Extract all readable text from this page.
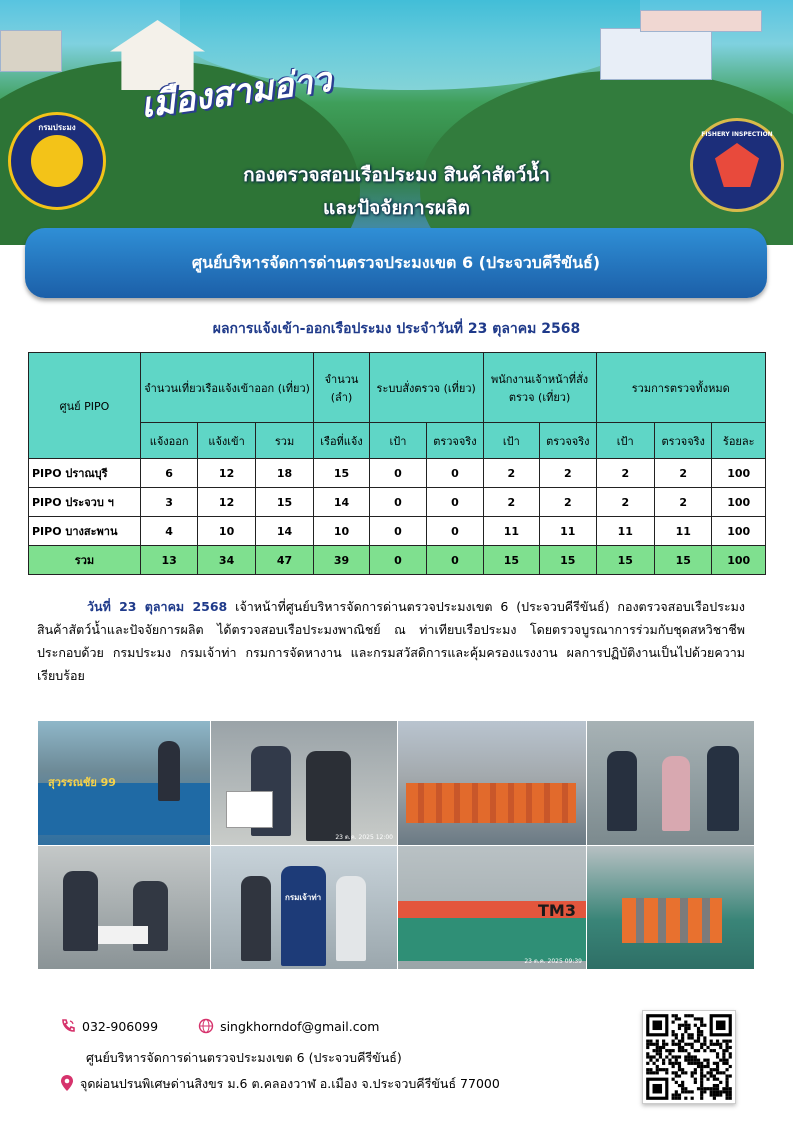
เมืองสามอ่าว
กรมประมง
FISHERY INSPECTION
กองตรวจสอบเรือประมง สินค้าสัตว์น้ำ
และปัจจัยการผลิต
ศูนย์บริหารจัดการด่านตรวจประมงเขต 6 (ประจวบคีรีขันธ์)
ผลการแจ้งเข้า-ออกเรือประมง ประจำวันที่ 23 ตุลาคม 2568
ศูนย์ PIPO	จำนวนเที่ยวเรือแจ้งเข้าออก (เที่ยว)			จำนวน (ลำ)	ระบบสั่งตรวจ (เที่ยว)		พนักงานเจ้าหน้าที่สั่งตรวจ (เที่ยว)		รวมการตรวจทั้งหมด		
	แจ้งออก	แจ้งเข้า	รวม	เรือที่แจ้ง	เป้า	ตรวจจริง	เป้า	ตรวจจริง	เป้า	ตรวจจริง	ร้อยละ
PIPO ปราณบุรี	6	12	18	15	0	0	2	2	2	2	100
PIPO ประจวบ ฯ	3	12	15	14	0	0	2	2	2	2	100
PIPO บางสะพาน	4	10	14	10	0	0	11	11	11	11	100
รวม	13	34	47	39	0	0	15	15	15	15	100
วันที่ 23 ตุลาคม 2568 เจ้าหน้าที่ศูนย์บริหารจัดการด่านตรวจประมงเขต 6 (ประจวบคีรีขันธ์) กองตรวจสอบเรือประมง สินค้าสัตว์น้ำและปัจจัยการผลิต ได้ตรวจสอบเรือประมงพาณิชย์ ณ ท่าเทียบเรือประมง โดยตรวจบูรณาการร่วมกับชุดสหวิชาชีพ ประกอบด้วย กรมประมง กรมเจ้าท่า กรมการจัดหางาน และกรมสวัสดิการและคุ้มครองแรงงาน ผลการปฏิบัติงานเป็นไปด้วยความเรียบร้อย
สุวรรณชัย 99
23 ต.ค. 2025 12:00
กรมเจ้าท่า
TM3
23 ต.ค. 2025 09:39
032-906099	singkhorndof@gmail.com
ศูนย์บริหารจัดการด่านตรวจประมงเขต 6 (ประจวบคีรีขันธ์)
จุดผ่อนปรนพิเศษด่านสิงขร ม.6 ต.คลองวาฬ อ.เมือง จ.ประจวบคีรีขันธ์ 77000
